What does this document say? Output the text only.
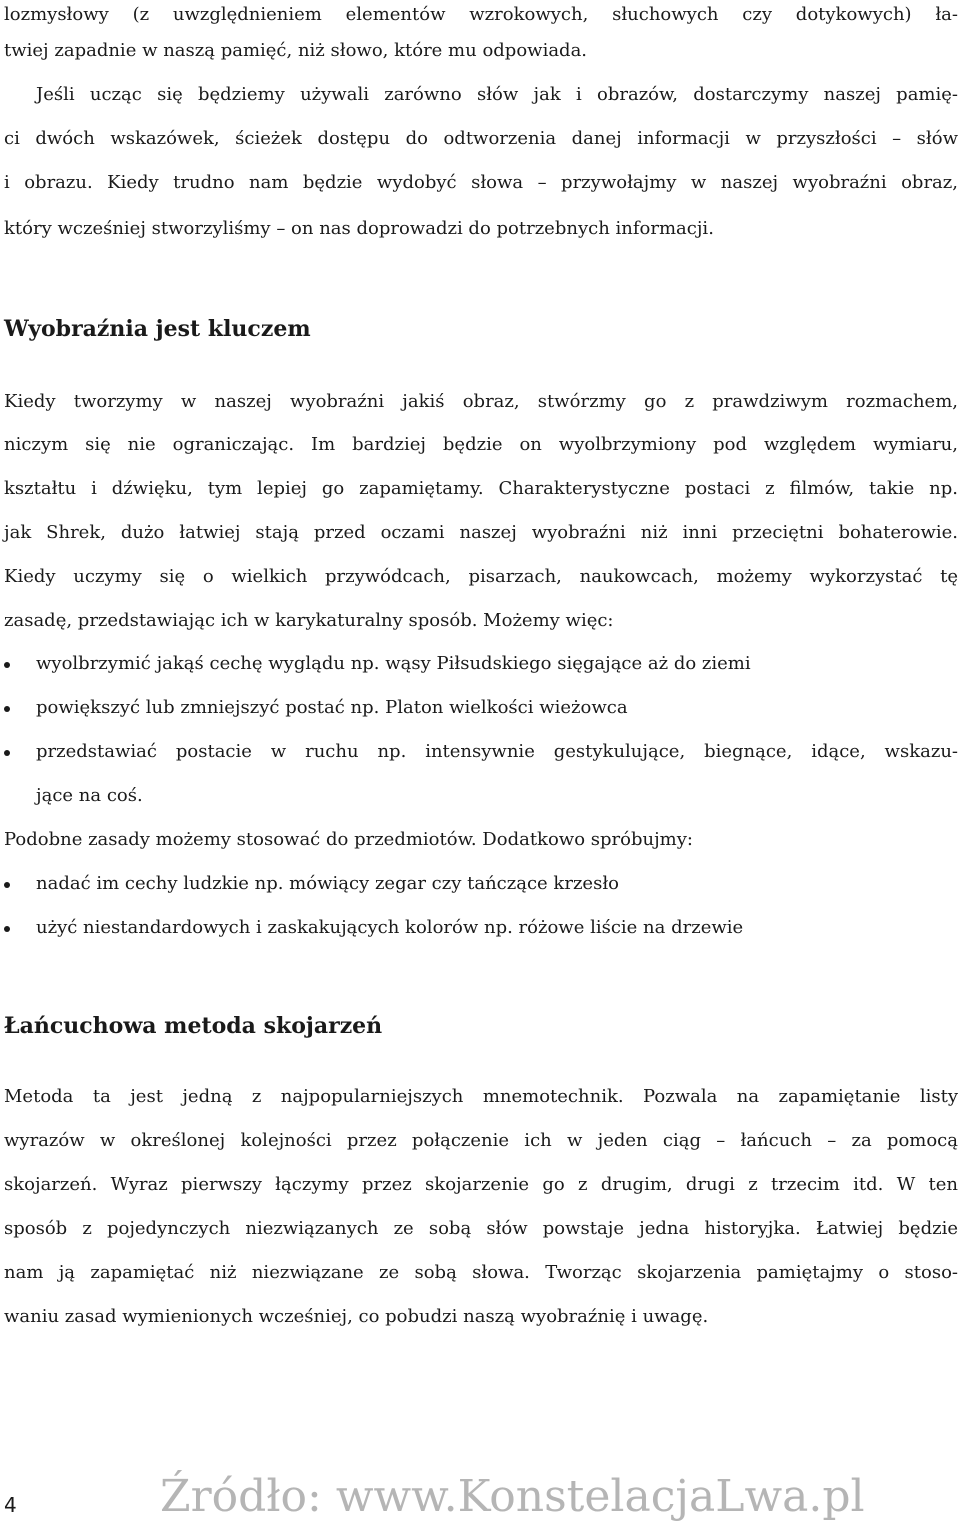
lozmysłowy (z uwzględnieniem elementów wzrokowych, słuchowych czy dotykowych) ła-
twiej zapadnie w naszą pamięć, niż słowo, które mu odpowiada.
Jeśli ucząc się będziemy używali zarówno słów jak i obrazów, dostarczymy naszej pamię-
ci dwóch wskazówek, ścieżek dostępu do odtworzenia danej informacji w przyszłości – słów
i obrazu. Kiedy trudno nam będzie wydobyć słowa – przywołajmy w naszej wyobraźni obraz,
który wcześniej stworzyliśmy – on nas doprowadzi do potrzebnych informacji.
Wyobraźnia jest kluczem
Kiedy tworzymy w naszej wyobraźni jakiś obraz, stwórzmy go z prawdziwym rozmachem,
niczym się nie ograniczając. Im bardziej będzie on wyolbrzymiony pod względem wymiaru,
kształtu i dźwięku, tym lepiej go zapamiętamy. Charakterystyczne postaci z filmów, takie np.
jak Shrek, dużo łatwiej stają przed oczami naszej wyobraźni niż inni przeciętni bohaterowie.
Kiedy uczymy się o wielkich przywódcach, pisarzach, naukowcach, możemy wykorzystać tę
zasadę, przedstawiając ich w karykaturalny sposób. Możemy więc:
wyolbrzymić jakąś cechę wyglądu np. wąsy Piłsudskiego sięgające aż do ziemi
powiększyć lub zmniejszyć postać np. Platon wielkości wieżowca
przedstawiać postacie w ruchu np. intensywnie gestykulujące, biegnące, idące, wskazu-
jące na coś.
Podobne zasady możemy stosować do przedmiotów. Dodatkowo spróbujmy:
nadać im cechy ludzkie np. mówiący zegar czy tańczące krzesło
użyć niestandardowych i zaskakujących kolorów np. różowe liście na drzewie
Łańcuchowa metoda skojarzeń
Metoda ta jest jedną z najpopularniejszych mnemotechnik. Pozwala na zapamiętanie listy
wyrazów w określonej kolejności przez połączenie ich w jeden ciąg – łańcuch – za pomocą
skojarzeń. Wyraz pierwszy łączymy przez skojarzenie go z drugim, drugi z trzecim itd. W ten
sposób z pojedynczych niezwiązanych ze sobą słów powstaje jedna historyjka. Łatwiej będzie
nam ją zapamiętać niż niezwiązane ze sobą słowa. Tworząc skojarzenia pamiętajmy o stoso-
waniu zasad wymienionych wcześniej, co pobudzi naszą wyobraźnię i uwagę.
4	Źródło: www.KonstelacjaLwa.pl
